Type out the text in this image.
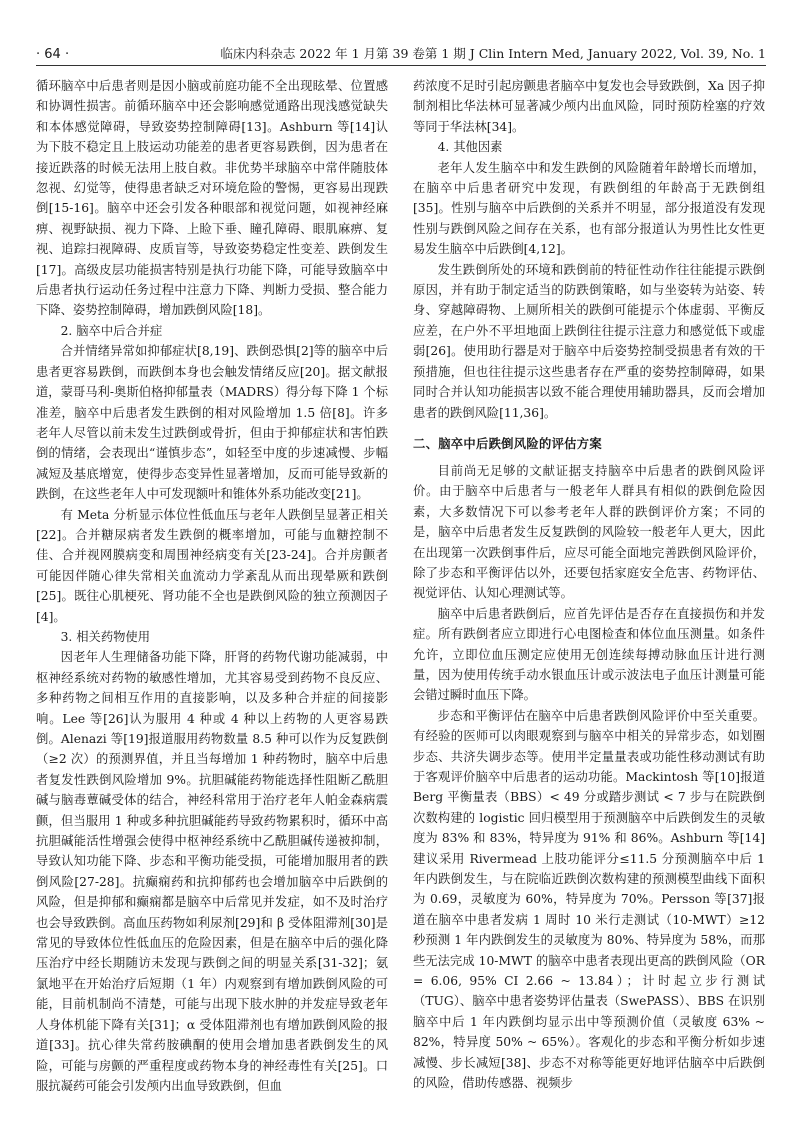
· 64 ·	临床内科杂志 2022 年 1 月第 39 卷第 1 期 J Clin Intern Med, January 2022, Vol. 39, No. 1

循环脑卒中后患者则是因小脑或前庭功能不全出现眩晕、位置感和协调性损害。前循环脑卒中还会影响感觉通路出现浅感觉缺失和本体感觉障碍，导致姿势控制障碍[13]。Ashburn 等[14]认为下肢不稳定且上肢运动功能差的患者更容易跌倒，因为患者在接近跌落的时候无法用上肢自救。非优势半球脑卒中常伴随肢体忽视、幻觉等，使得患者缺乏对环境危险的警惕，更容易出现跌倒[15-16]。脑卒中还会引发各种眼部和视觉问题，如视神经麻痹、视野缺损、视力下降、上睑下垂、瞳孔障碍、眼肌麻痹、复视、追踪扫视障碍、皮质盲等，导致姿势稳定性变差、跌倒发生[17]。高级皮层功能损害特别是执行功能下降，可能导致脑卒中后患者执行运动任务过程中注意力下降、判断力受损、整合能力下降、姿势控制障碍，增加跌倒风险[18]。

2. 脑卒中后合并症

合并情绪异常如抑郁症状[8,19]、跌倒恐惧[2]等的脑卒中后患者更容易跌倒，而跌倒本身也会触发情绪反应[20]。据文献报道，蒙哥马利-奥斯伯格抑郁量表（MADRS）得分每下降 1 个标准差，脑卒中后患者发生跌倒的相对风险增加 1.5 倍[8]。许多老年人尽管以前未发生过跌倒或骨折，但由于抑郁症状和害怕跌倒的情绪，会表现出“谨慎步态”，如轻至中度的步速减慢、步幅减短及基底增宽，使得步态变异性显著增加，反而可能导致新的跌倒，在这些老年人中可发现额叶和锥体外系功能改变[21]。

有 Meta 分析显示体位性低血压与老年人跌倒呈显著正相关[22]。合并糖尿病者发生跌倒的概率增加，可能与血糖控制不佳、合并视网膜病变和周围神经病变有关[23-24]。合并房颤者可能因伴随心律失常相关血流动力学紊乱从而出现晕厥和跌倒[25]。既往心肌梗死、肾功能不全也是跌倒风险的独立预测因子[4]。

3. 相关药物使用

因老年人生理储备功能下降，肝肾的药物代谢功能减弱，中枢神经系统对药物的敏感性增加，尤其容易受到药物不良反应、多种药物之间相互作用的直接影响，以及多种合并症的间接影响。Lee 等[26]认为服用 4 种或 4 种以上药物的人更容易跌倒。Alenazi 等[19]报道服用药物数量 8.5 种可以作为反复跌倒（≥2 次）的预测界值，并且当每增加 1 种药物时，脑卒中后患者复发性跌倒风险增加 9%。抗胆碱能药物能选择性阻断乙酰胆碱与脑毒蕈碱受体的结合，神经科常用于治疗老年人帕金森病震颤，但当服用 1 种或多种抗胆碱能药导致药物累积时，循环中高抗胆碱能活性增强会使得中枢神经系统中乙酰胆碱传递被抑制，导致认知功能下降、步态和平衡功能受损，可能增加服用者的跌倒风险[27-28]。抗癫痫药和抗抑郁药也会增加脑卒中后跌倒的风险，但是抑郁和癫痫都是脑卒中后常见并发症，如不及时治疗也会导致跌倒。高血压药物如利尿剂[29]和 β 受体阻滞剂[30]是常见的导致体位性低血压的危险因素，但是在脑卒中后的强化降压治疗中经长期随访未发现与跌倒之间的明显关系[31-32]；氨氯地平在开始治疗后短期（1 年）内观察到有增加跌倒风险的可能，目前机制尚不清楚，可能与出现下肢水肿的并发症导致老年人身体机能下降有关[31]；α 受体阻滞剂也有增加跌倒风险的报道[33]。抗心律失常药胺碘酮的使用会增加患者跌倒发生的风险，可能与房颤的严重程度或药物本身的神经毒性有关[25]。口服抗凝药可能会引发颅内出血导致跌倒，但血

药浓度不足时引起房颤患者脑卒中复发也会导致跌倒，Ⅹa 因子抑制剂相比华法林可显著减少颅内出血风险，同时预防栓塞的疗效等同于华法林[34]。

4. 其他因素

老年人发生脑卒中和发生跌倒的风险随着年龄增长而增加，在脑卒中后患者研究中发现，有跌倒组的年龄高于无跌倒组[35]。性别与脑卒中后跌倒的关系并不明显，部分报道没有发现性别与跌倒风险之间存在关系，也有部分报道认为男性比女性更易发生脑卒中后跌倒[4,12]。

发生跌倒所处的环境和跌倒前的特征性动作往往能提示跌倒原因，并有助于制定适当的防跌倒策略，如与坐姿转为站姿、转身、穿越障碍物、上厕所相关的跌倒可能提示个体虚弱、平衡反应差，在户外不平坦地面上跌倒往往提示注意力和感觉低下或虚弱[26]。使用助行器是对于脑卒中后姿势控制受损患者有效的干预措施，但也往往提示这些患者存在严重的姿势控制障碍，如果同时合并认知功能损害以致不能合理使用辅助器具，反而会增加患者的跌倒风险[11,36]。

二、脑卒中后跌倒风险的评估方案

目前尚无足够的文献证据支持脑卒中后患者的跌倒风险评价。由于脑卒中后患者与一般老年人群具有相似的跌倒危险因素，大多数情况下可以参考老年人群的跌倒评价方案；不同的是，脑卒中后患者发生反复跌倒的风险较一般老年人更大，因此在出现第一次跌倒事件后，应尽可能全面地完善跌倒风险评价，除了步态和平衡评估以外，还要包括家庭安全危害、药物评估、视觉评估、认知心理测试等。

脑卒中后患者跌倒后，应首先评估是否存在直接损伤和并发症。所有跌倒者应立即进行心电图检查和体位血压测量。如条件允许，立即位血压测定应使用无创连续每搏动脉血压计进行测量，因为使用传统手动水银血压计或示波法电子血压计测量可能会错过瞬时血压下降。

步态和平衡评估在脑卒中后患者跌倒风险评价中至关重要。有经验的医师可以肉眼观察到与脑卒中相关的异常步态，如划圈步态、共济失调步态等。使用半定量量表或功能性移动测试有助于客观评价脑卒中后患者的运动功能。Mackintosh 等[10]报道 Berg 平衡量表（BBS）< 49 分或踏步测试 < 7 步与在院跌倒次数构建的 logistic 回归模型用于预测脑卒中后跌倒发生的灵敏度为 83% 和 83%，特异度为 91% 和 86%。Ashburn 等[14]建议采用 Rivermead 上肢功能评分≤11.5 分预测脑卒中后 1 年内跌倒发生，与在院临近跌倒次数构建的预测模型曲线下面积为 0.69，灵敏度为 60%，特异度为 70%。Persson 等[37]报道在脑卒中患者发病 1 周时 10 米行走测试（10-MWT）≥12 秒预测 1 年内跌倒发生的灵敏度为 80%、特异度为 58%，而那些无法完成 10-MWT 的脑卒中患者表现出更高的跌倒风险（OR = 6.06, 95% CI 2.66 ~ 13.84）；计时起立步行测试（TUG）、脑卒中患者姿势评估量表（SwePASS）、BBS 在识别脑卒中后 1 年内跌倒均显示出中等预测价值（灵敏度 63% ~ 82%，特异度 50% ~ 65%）。客观化的步态和平衡分析如步速减慢、步长减短[38]、步态不对称等能更好地评估脑卒中后跌倒的风险，借助传感器、视频步
